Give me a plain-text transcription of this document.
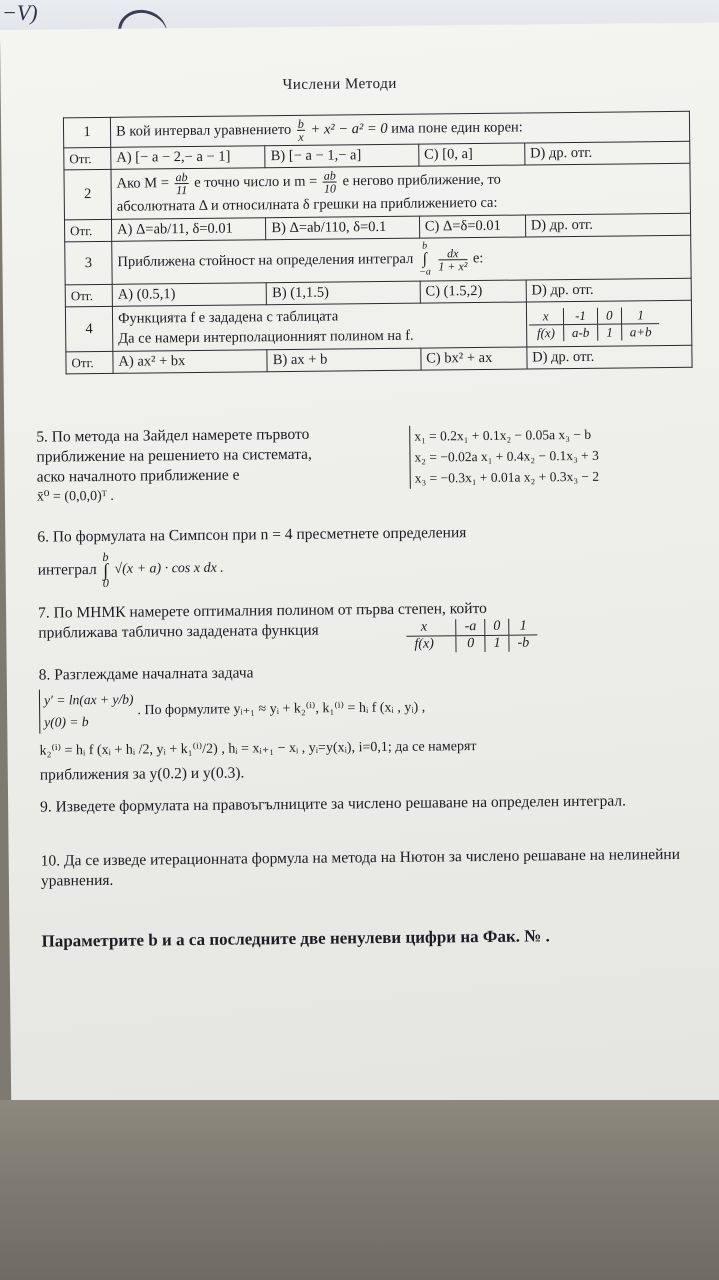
−V)
Числени Методи
1	В кой интервал уравнението $\frac{b}{x} + x^2 - a^2 = 0$ има поне един корен:
Отг.	A) [− a − 2,− a − 1]	B) [− a − 1,− a]	C) [0, a]	D) др. отг.
2	Ако $M = \frac{ab}{11}$ e точно число и $m = \frac{ab}{10}$ e негово приближение, то
абсолютната Δ и относилната δ грешки на приближението са:
Отг.	A) Δ=ab/11, δ=0.01	B) Δ=ab/110, δ=0.1	C) Δ=δ=0.01	D) др. отг.
3	Приближена стойност на определения интеграл
b
∫
−a

$\frac{dx}{\text{1 + x²}} е$:
Отг.	A) (0.5,1)	B) (1,1.5)	C) (1.5,2)	D) др. отг.
4	Функцията f е зададена с таблицата
Да се намери интерполационният полином на f.	
x	-1	0	1
f(x)	a-b	1	a+b

Отг.	A) ax² + bx	B) ax + b	C) bx² + ax	D) др. отг.
5. По метода на Зайдел намерете първото
приближение на решението на системата,
аско началното приближение е
x̄⁰ = (0,0,0)ᵀ .
x₁ = 0.2x₁ + 0.1x₂ − 0.05a x₃ − b
x₂ = −0.02a x₁ + 0.4x₂ − 0.1x₃ + 3
x₃ = −0.3x₁ + 0.01a x₂ + 0.3x₃ − 2
6. По формулата на Симпсон при n = 4 пресметнете определения
интеграл
b
∫
0
√(x + a) · cos x dx .
7. По МНМК намерете оптималния полином от първа степен, който
приближава таблично зададената функция	x	-a	0	1
f(x)	0	1	-b
8. Разглеждаме началната задача
y′ = ln(ax + y/b)
y(0) = b
. По формулите yᵢ₊₁ ≈ yᵢ + k₂⁽ⁱ⁾, k₁⁽ⁱ⁾ = hᵢ f (xᵢ , yᵢ) ,
k₂⁽ⁱ⁾ = hᵢ f (xᵢ + hᵢ /2, yᵢ + k₁⁽ⁱ⁾/2) , hᵢ = xᵢ₊₁ − xᵢ , yᵢ=y(xᵢ), i=0,1; да се намерят
приближения за y(0.2) и y(0.3).
9. Изведете формулата на правоъгълниците за числено решаване на определен интеграл.
10. Да се изведе итерационната формула на метода на Нютон за числено решаване на нелинейни уравнения.
Параметрите b и a са последните две ненулеви цифри на Фак. № .
